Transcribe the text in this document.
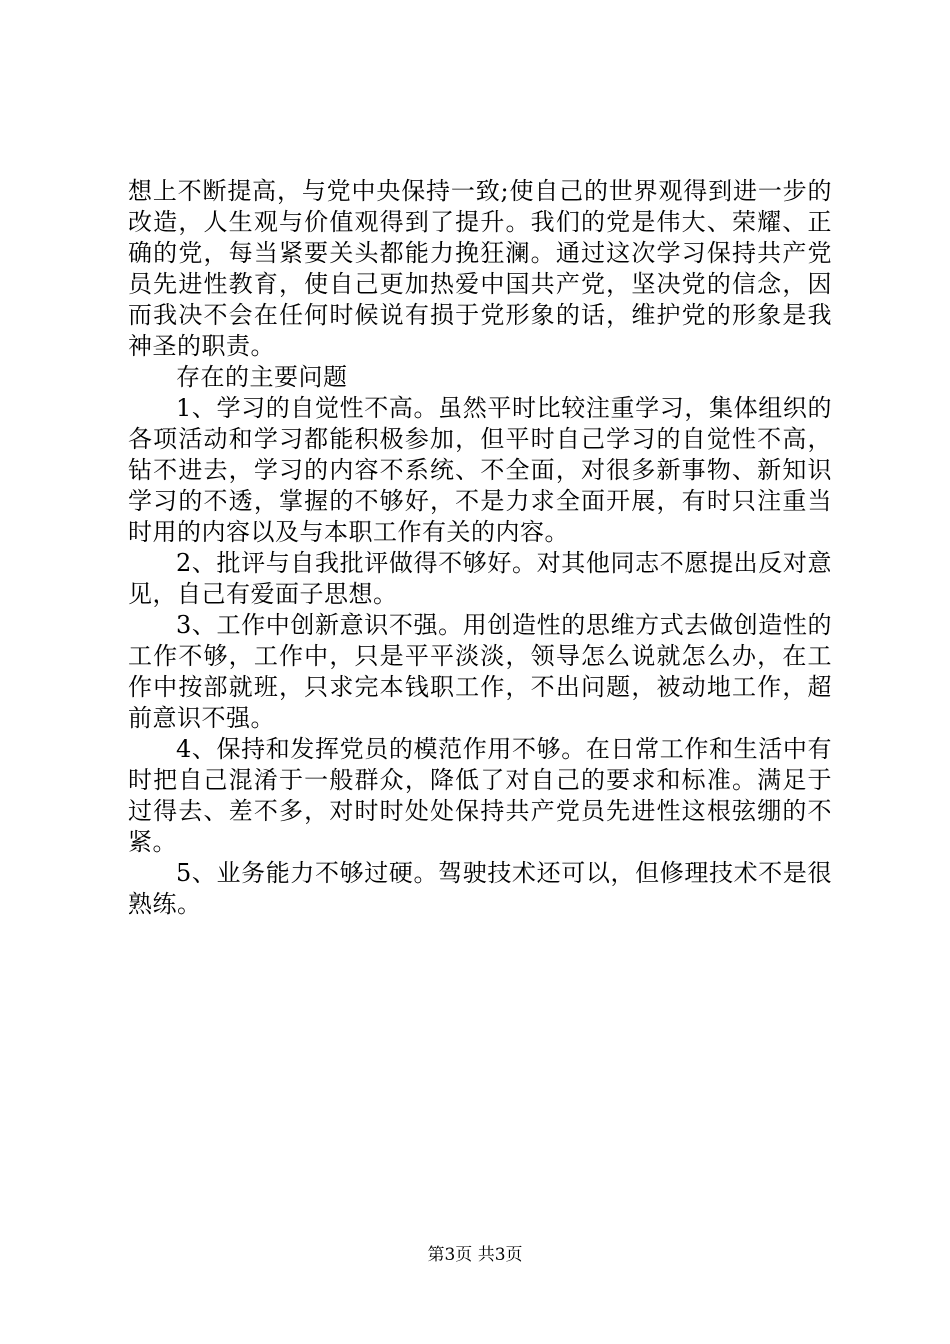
想上不断提高，与党中央保持一致;使自己的世界观得到进一步的改造，人生观与价值观得到了提升。我们的党是伟大、荣耀、正确的党，每当紧要关头都能力挽狂澜。通过这次学习保持共产党员先进性教育，使自己更加热爱中国共产党，坚决党的信念，因而我决不会在任何时候说有损于党形象的话，维护党的形象是我神圣的职责。

存在的主要问题

1、学习的自觉性不高。虽然平时比较注重学习，集体组织的各项活动和学习都能积极参加，但平时自己学习的自觉性不高，钻不进去，学习的内容不系统、不全面，对很多新事物、新知识学习的不透，掌握的不够好，不是力求全面开展，有时只注重当时用的内容以及与本职工作有关的内容。

2、批评与自我批评做得不够好。对其他同志不愿提出反对意见，自己有爱面子思想。

3、工作中创新意识不强。用创造性的思维方式去做创造性的工作不够，工作中，只是平平淡淡，领导怎么说就怎么办，在工作中按部就班，只求完本钱职工作，不出问题，被动地工作，超前意识不强。

4、保持和发挥党员的模范作用不够。在日常工作和生活中有时把自己混淆于一般群众，降低了对自己的要求和标准。满足于过得去、差不多，对时时处处保持共产党员先进性这根弦绷的不紧。

5、业务能力不够过硬。驾驶技术还可以，但修理技术不是很熟练。

第3页 共3页
